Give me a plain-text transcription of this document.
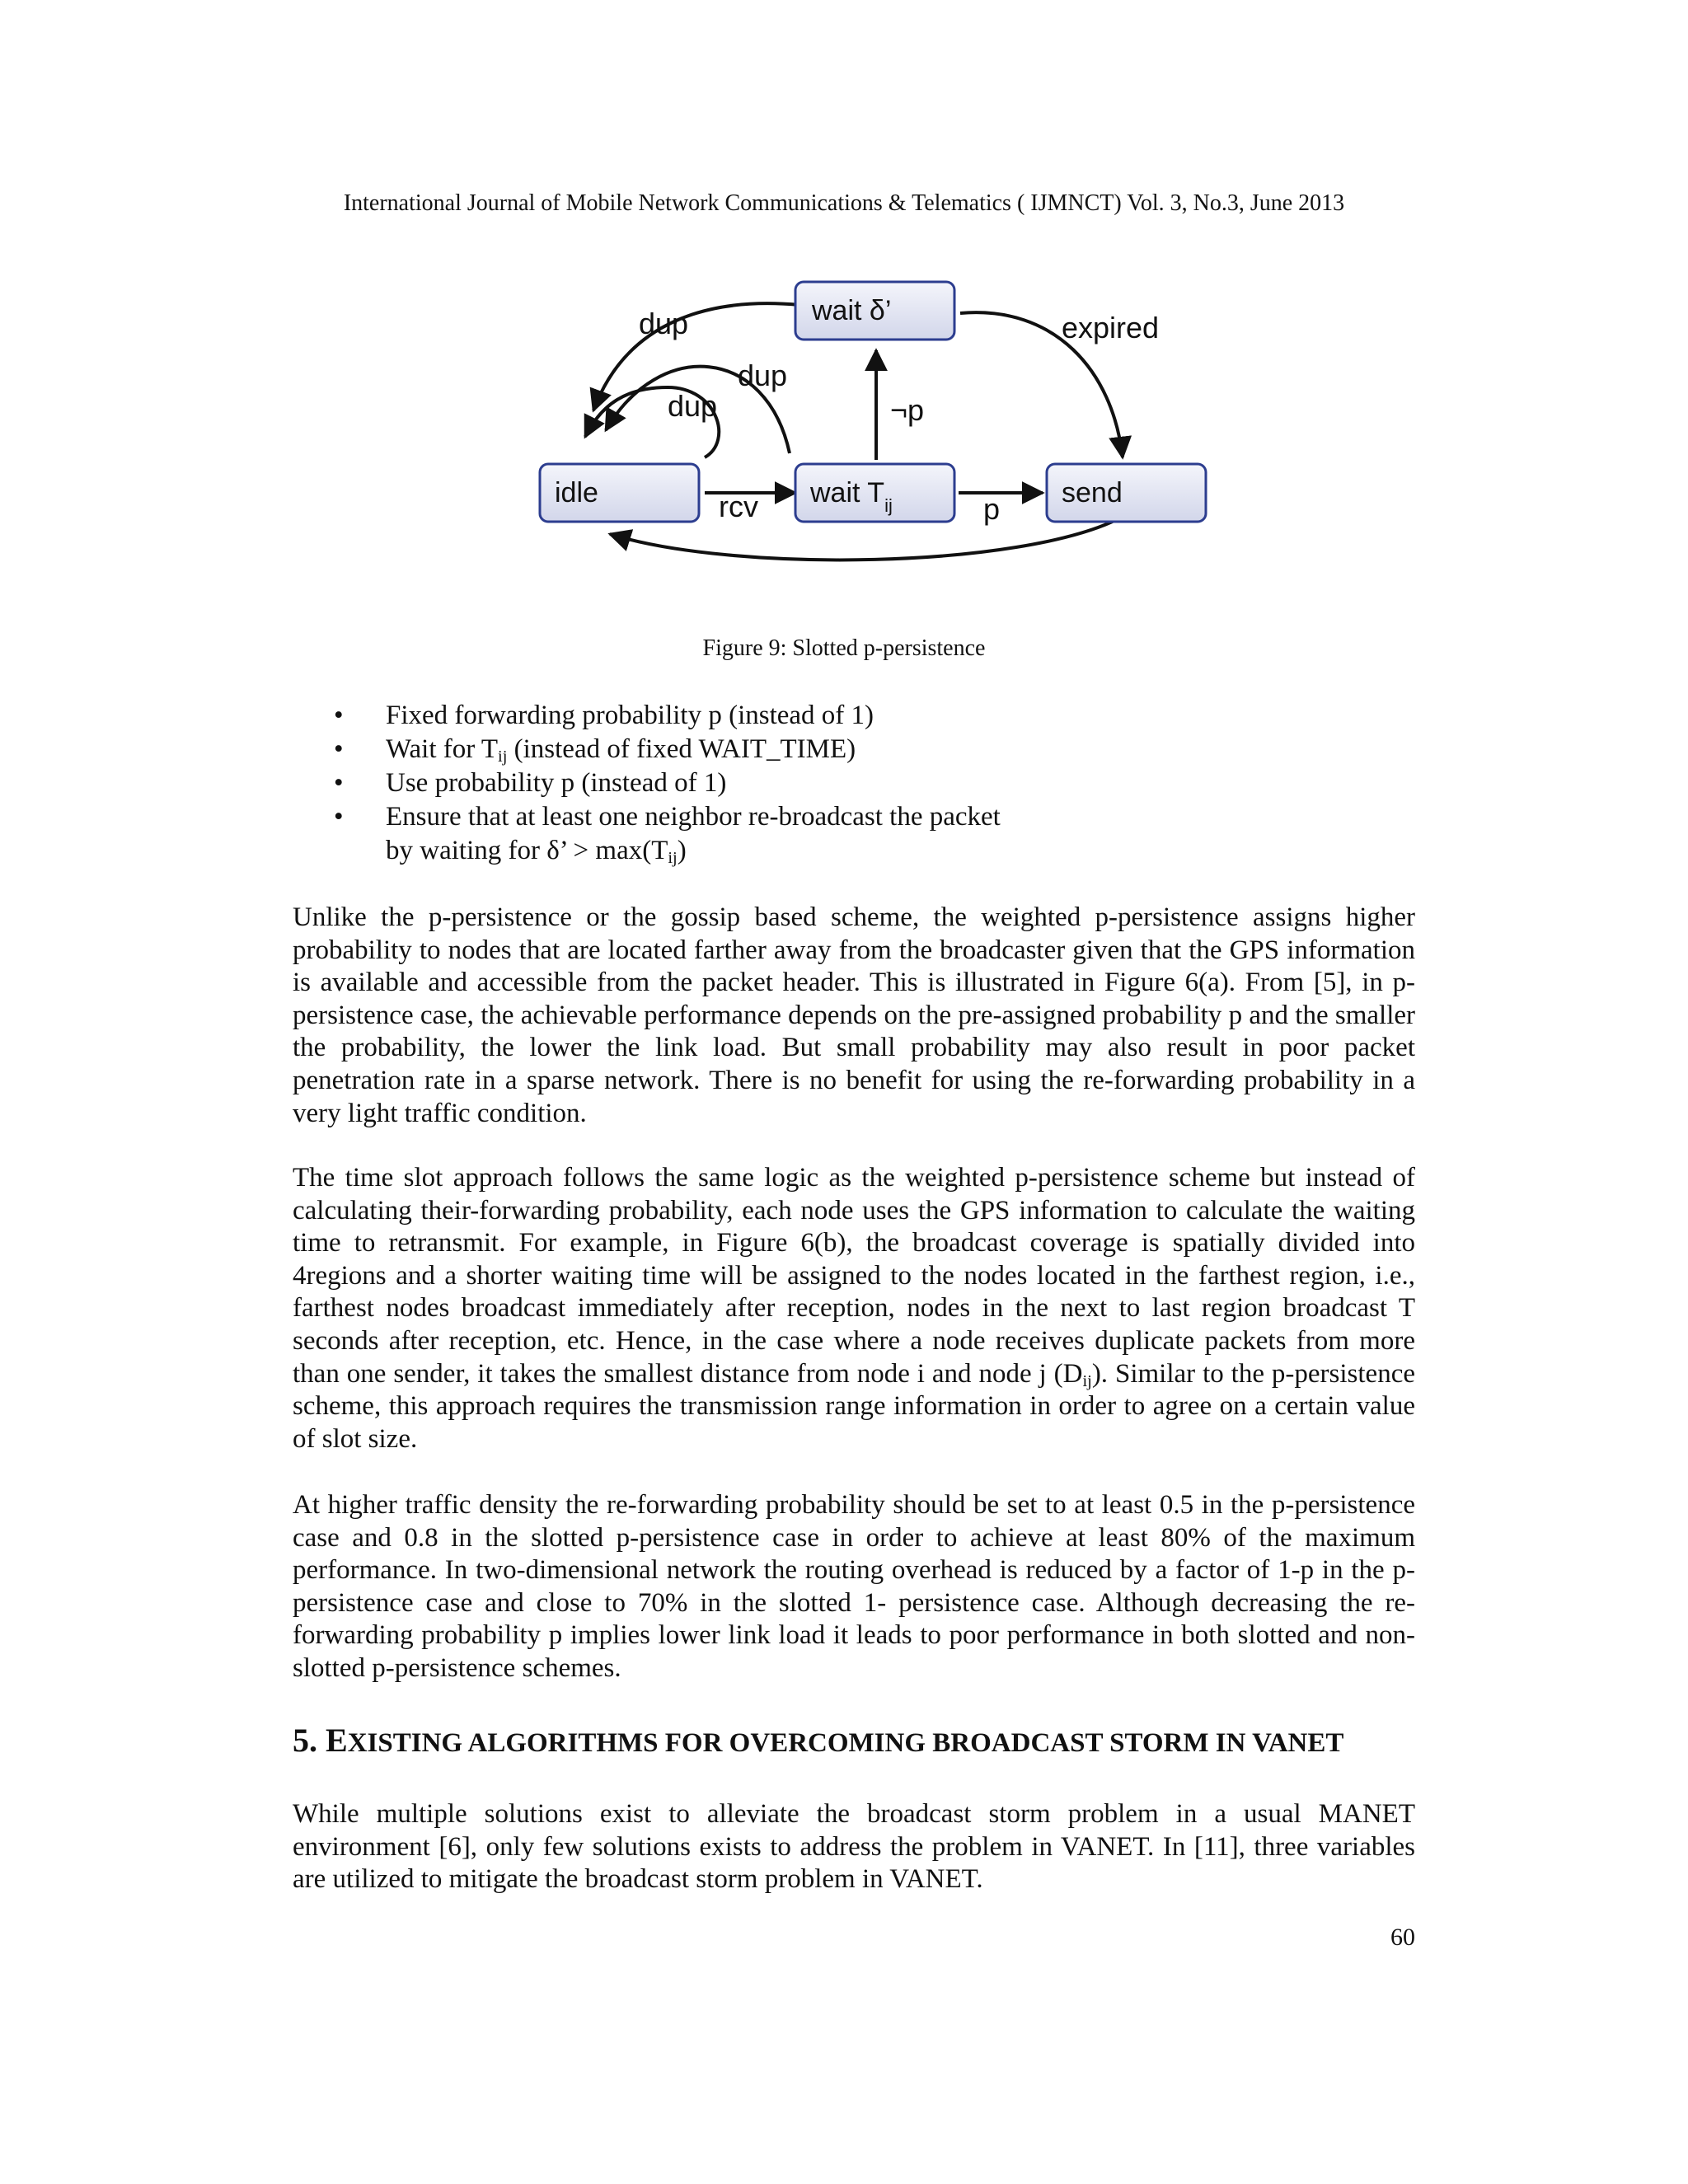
International Journal of Mobile Network Communications & Telematics ( IJMNCT) Vol. 3, No.3, June 2013
wait δ’
idle	wait $T_{ij}$	send
dup
dup
dup	¬p
expired
rcv	p
Figure 9: Slotted p-persistence
• Fixed forwarding probability p (instead of 1)
• Wait for $T_{ij}$ (instead of fixed WAIT_TIME)
• Use probability p (instead of 1)
• Ensure that at least one neighbor re-broadcast the packet
by waiting for δ’ > $\max(T_{ij})$

Unlike the p-persistence or the gossip based scheme, the weighted p-persistence assigns higher probability to nodes that are located farther away from the broadcaster given that the GPS information is available and accessible from the packet header. This is illustrated in Figure 6(a). From [5], in p-persistence case, the achievable performance depends on the pre-assigned probability p and the smaller the probability, the lower the link load. But small probability may also result in poor packet penetration rate in a sparse network. There is no benefit for using the re-forwarding probability in a very light traffic condition.

The time slot approach follows the same logic as the weighted p-persistence scheme but instead of calculating their-forwarding probability, each node uses the GPS information to calculate the waiting time to retransmit. For example, in Figure 6(b), the broadcast coverage is spatially divided into 4regions and a shorter waiting time will be assigned to the nodes located in the farthest region, i.e., farthest nodes broadcast immediately after reception, nodes in the next to last region broadcast T seconds after reception, etc. Hence, in the case where a node receives duplicate packets from more than one sender, it takes the smallest distance from node i and node j $(D_{ij})$. Similar to the p-persistence scheme, this approach requires the transmission range information in order to agree on a certain value of slot size.

At higher traffic density the re-forwarding probability should be set to at least 0.5 in the p-persistence case and 0.8 in the slotted p-persistence case in order to achieve at least 80% of the maximum performance. In two-dimensional network the routing overhead is reduced by a factor of 1-p in the p-persistence case and close to 70% in the slotted 1- persistence case. Although decreasing the re-forwarding probability p implies lower link load it leads to poor performance in both slotted and non-slotted p-persistence schemes.

5. EXISTING ALGORITHMS FOR OVERCOMING BROADCAST STORM IN VANET

While multiple solutions exist to alleviate the broadcast storm problem in a usual MANET environment [6], only few solutions exists to address the problem in VANET. In [11], three variables are utilized to mitigate the broadcast storm problem in VANET.

60
